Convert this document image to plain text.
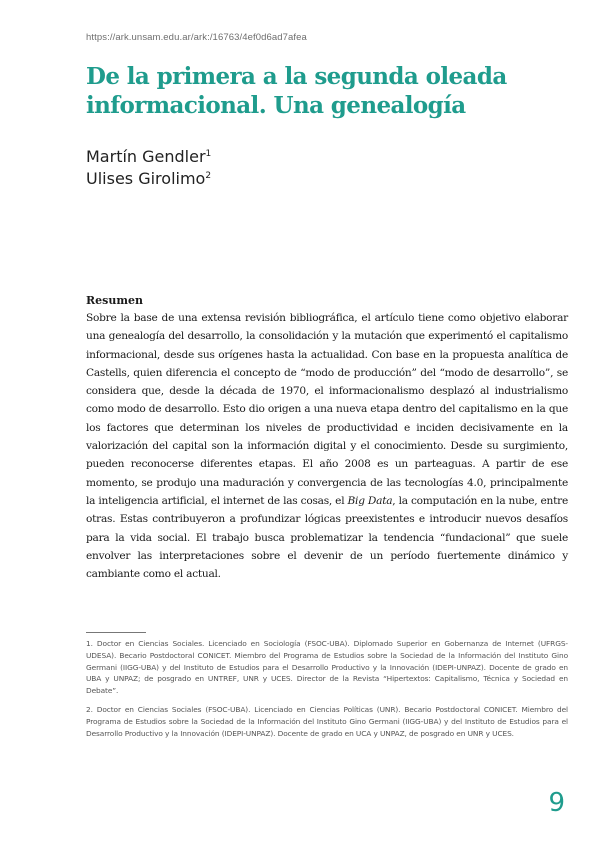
https://ark.unsam.edu.ar/ark:/16763/4ef0d6ad7afea
De la primera a la segunda oleada informacional. Una genealogía
Martín Gendler$^1$
Ulises Girolimo$^2$

Resumen

Sobre la base de una extensa revisión bibliográfica, el artículo tiene como objetivo elaborar una genealogía del desarrollo, la consolidación y la mutación que experimentó el capitalismo informacional, desde sus orígenes hasta la actualidad. Con base en la propuesta analítica de Castells, quien diferencia el concepto de “modo de producción” del “modo de desarrollo”, se considera que, desde la década de 1970, el informacionalismo desplazó al industrialismo como modo de desarrollo. Esto dio origen a una nueva etapa dentro del capitalismo en la que los factores que determinan los niveles de productividad e inciden decisivamente en la valorización del capital son la información digital y el conocimiento. Desde su surgimiento, pueden reconocerse diferentes etapas. El año 2008 es un parteaguas. A partir de ese momento, se produjo una maduración y convergencia de las tecnologías 4.0, principalmente la inteligencia artificial, el internet de las cosas, el Big Data, la computación en la nube, entre otras. Estas contribuyeron a profundizar lógicas preexistentes e introducir nuevos desafíos para la vida social. El trabajo busca problematizar la tendencia “fundacional” que suele envolver las interpretaciones sobre el devenir de un período fuertemente dinámico y cambiante como el actual.

1. Doctor en Ciencias Sociales. Licenciado en Sociología (FSOC-UBA). Diplomado Superior en Gobernanza de Internet (UFRGS- UDESA). Becario Postdoctoral CONICET. Miembro del Programa de Estudios sobre la Sociedad de la Información del Instituto Gino Germani (IIGG-UBA) y del Instituto de Estudios para el Desarrollo Productivo y la Innovación (IDEPI-UNPAZ). Docente de grado en UBA y UNPAZ; de posgrado en UNTREF, UNR y UCES. Director de la Revista “Hipertextos: Capitalismo, Técnica y Sociedad en Debate”.

2. Doctor en Ciencias Sociales (FSOC-UBA). Licenciado en Ciencias Políticas (UNR). Becario Postdoctoral CONICET. Miembro del Programa de Estudios sobre la Sociedad de la Información del Instituto Gino Germani (IIGG-UBA) y del Instituto de Estudios para el Desarrollo Productivo y la Innovación (IDEPI-UNPAZ). Docente de grado en UCA y UNPAZ, de posgrado en UNR y UCES.

9
